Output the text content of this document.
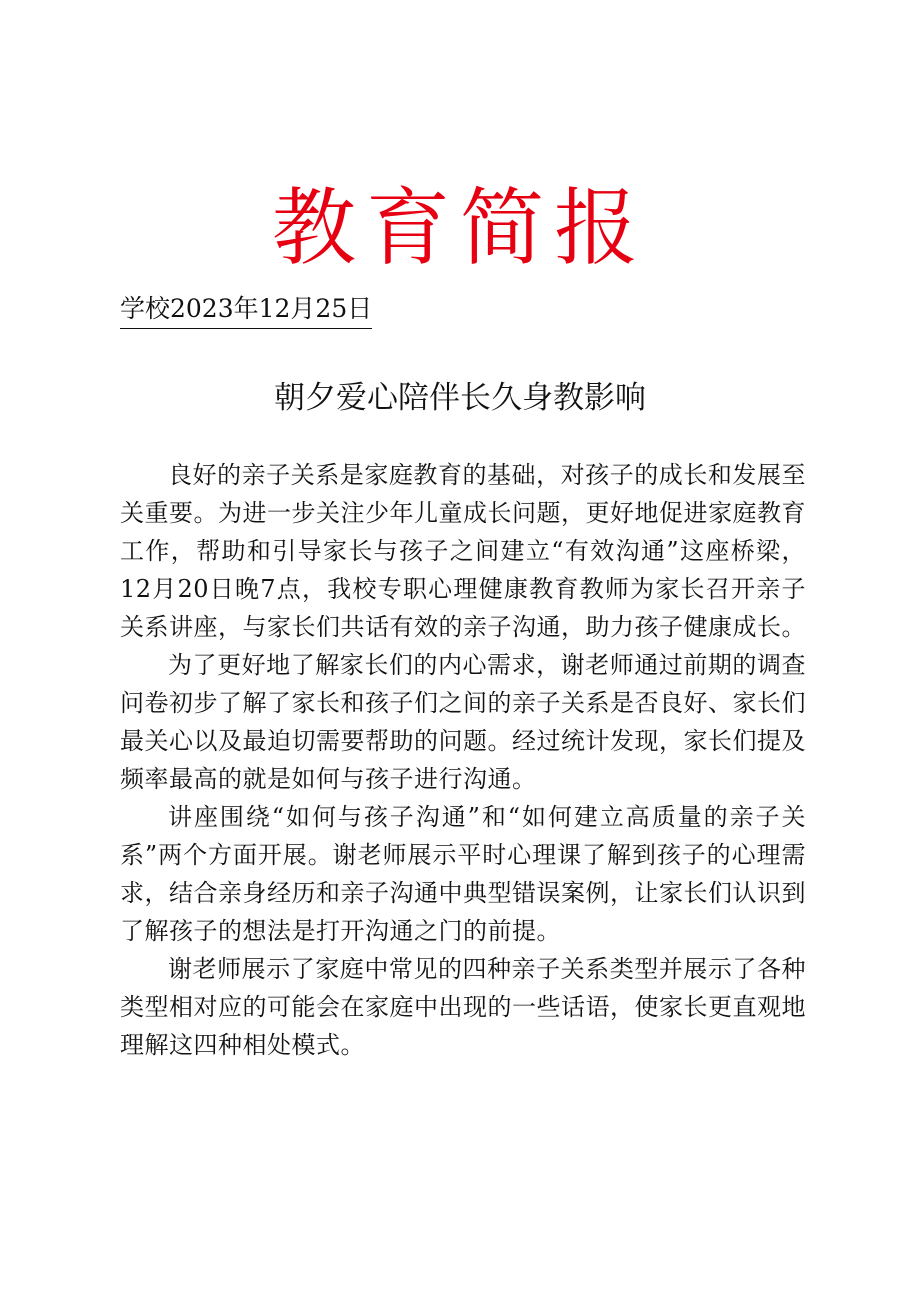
教育简报
学校2023年12月25日
朝夕爱心陪伴长久身教影响

良好的亲子关系是家庭教育的基础，对孩子的成长和发展至关重要。为进一步关注少年儿童成长问题，更好地促进家庭教育工作，帮助和引导家长与孩子之间建立“有效沟通”这座桥梁，12月20日晚7点，我校专职心理健康教育教师为家长召开亲子关系讲座，与家长们共话有效的亲子沟通，助力孩子健康成长。

为了更好地了解家长们的内心需求，谢老师通过前期的调查问卷初步了解了家长和孩子们之间的亲子关系是否良好、家长们最关心以及最迫切需要帮助的问题。经过统计发现，家长们提及频率最高的就是如何与孩子进行沟通。

讲座围绕“如何与孩子沟通”和“如何建立高质量的亲子关系”两个方面开展。谢老师展示平时心理课了解到孩子的心理需求，结合亲身经历和亲子沟通中典型错误案例，让家长们认识到了解孩子的想法是打开沟通之门的前提。

谢老师展示了家庭中常见的四种亲子关系类型并展示了各种类型相对应的可能会在家庭中出现的一些话语，使家长更直观地理解这四种相处模式。
